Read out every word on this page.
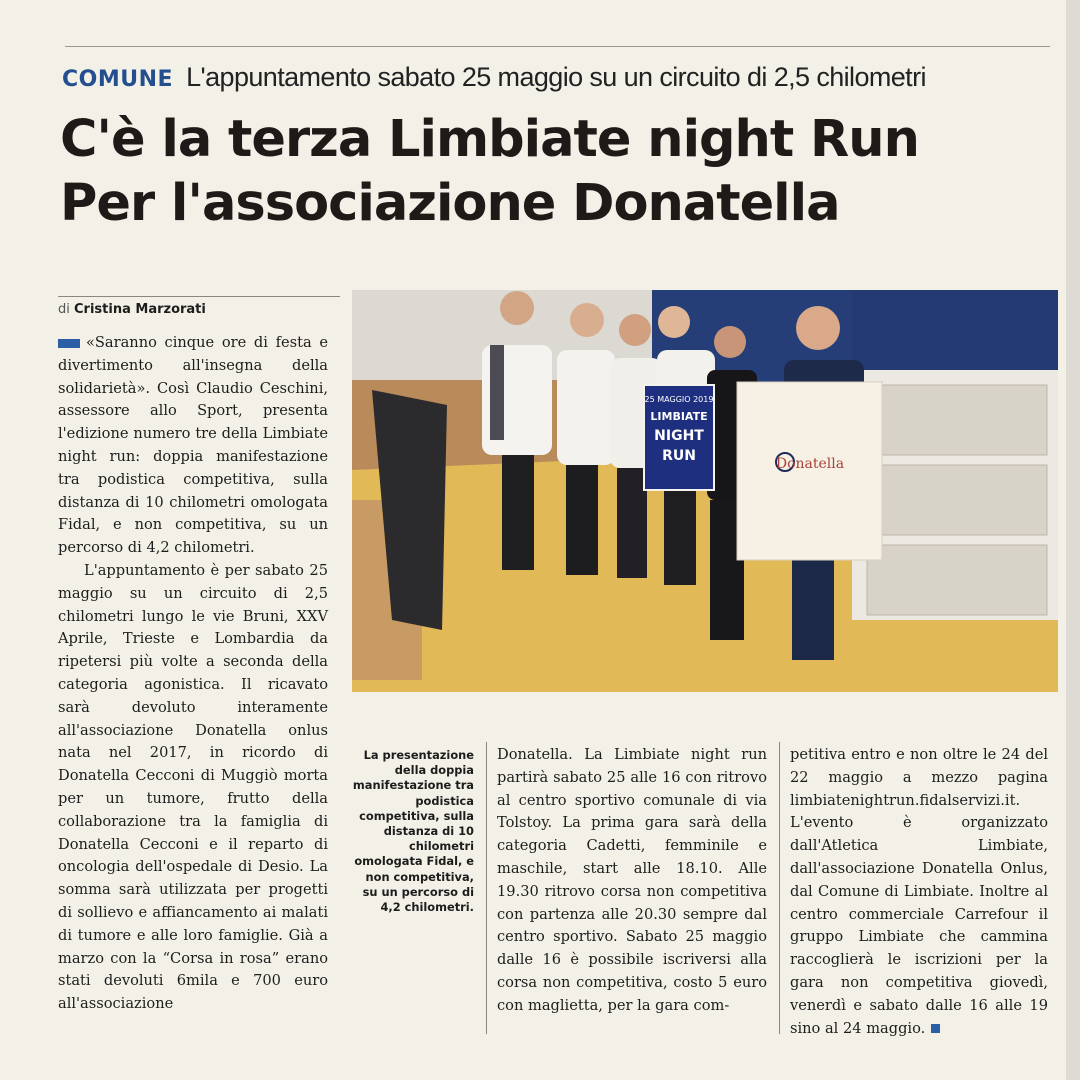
COMUNE L'appuntamento sabato 25 maggio su un circuito di 2,5 chilometri
C'è la terza Limbiate night Run
Per l'associazione Donatella
di Cristina Marzorati

«Saranno cinque ore di festa e divertimento all'insegna della solidarietà». Così Claudio Ceschini, assessore allo Sport, presenta l'edizione numero tre della Limbiate night run: doppia manifestazione tra podistica competitiva, sulla distanza di 10 chilometri omologata Fidal, e non competitiva, su un percorso di 4,2 chilometri.

L'appuntamento è per sabato 25 maggio su un circuito di 2,5 chilometri lungo le vie Bruni, XXV Aprile, Trieste e Lombardia da ripetersi più volte a seconda della categoria agonistica. Il ricavato sarà devoluto interamente all'associazione Donatella onlus nata nel 2017, in ricordo di Donatella Cecconi di Muggiò morta per un tumore, frutto della collaborazione tra la famiglia di Donatella Cecconi e il reparto di oncologia dell'ospedale di Desio. La somma sarà utilizzata per progetti di sollievo e affiancamento ai malati di tumore e alle loro famiglie. Già a marzo con la “Corsa in rosa” erano stati devoluti 6mila e 700 euro all'associazione

25 MAGGIO 2019
LIMBIATE
NIGHT
RUN	Donatella
La presentazione della doppia manifestazione tra podistica competitiva, sulla distanza di 10 chilometri omologata Fidal, e non competitiva, su un percorso di 4,2 chilometri.

Donatella. La Limbiate night run partirà sabato 25 alle 16 con ritrovo al centro sportivo comunale di via Tolstoy. La prima gara sarà della categoria Cadetti, femminile e maschile, start alle 18.10. Alle 19.30 ritrovo corsa non competitiva con partenza alle 20.30 sempre dal centro sportivo. Sabato 25 maggio dalle 16 è possibile iscriversi alla corsa non competitiva, costo 5 euro con maglietta, per la gara com-

petitiva entro e non oltre le 24 del 22 maggio a mezzo pagina limbiatenightrun.fidalservizi.it. L'evento è organizzato dall'Atletica Limbiate, dall'associazione Donatella Onlus, dal Comune di Limbiate. Inoltre al centro commerciale Carrefour il gruppo Limbiate che cammina raccoglierà le iscrizioni per la gara non competitiva giovedì, venerdì e sabato dalle 16 alle 19 sino al 24 maggio.
